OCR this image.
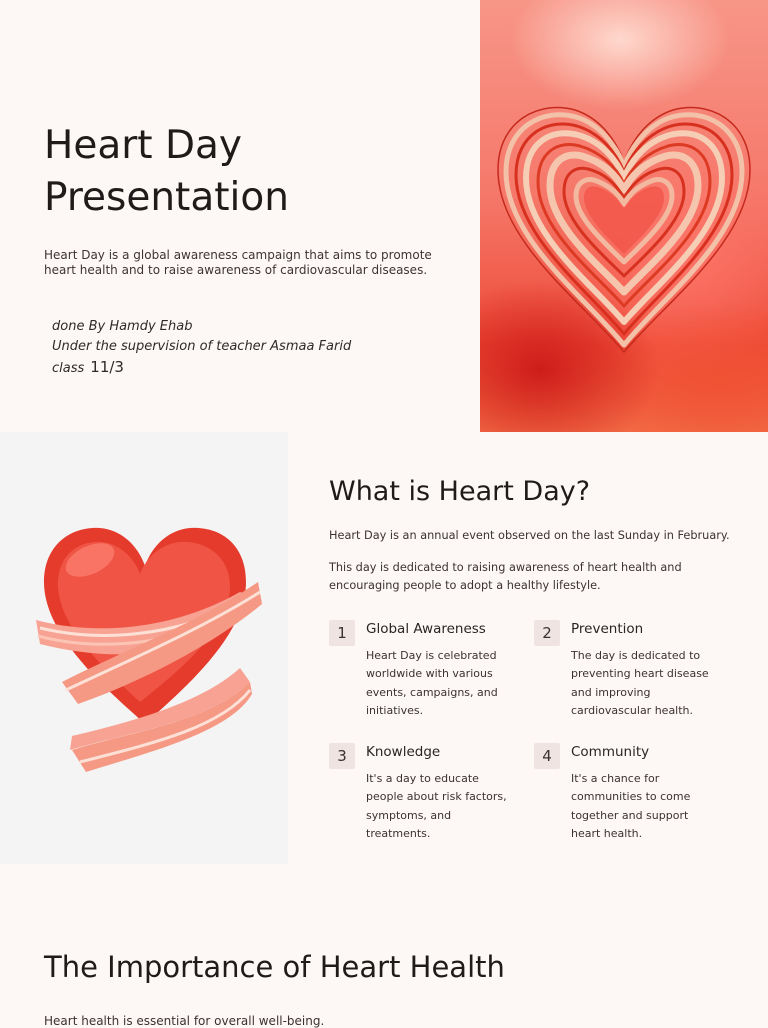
Heart Day
Presentation

Heart Day is a global awareness campaign that aims to promote heart health and to raise awareness of cardiovascular diseases.

done By Hamdy Ehab
Under the supervision of teacher Asmaa Farid
class 11/3
What is Heart Day?

Heart Day is an annual event observed on the last Sunday in February.

This day is dedicated to raising awareness of heart health and encouraging people to adopt a healthy lifestyle.

1	Global Awareness
Heart Day is celebrated worldwide with various events, campaigns, and initiatives.
2	Prevention
The day is dedicated to preventing heart disease and improving cardiovascular health.
3	Knowledge
It's a day to educate people about risk factors, symptoms, and treatments.
4	Community
It's a chance for communities to come together and support heart health.
The Importance of Heart Health

Heart health is essential for overall well-being.
